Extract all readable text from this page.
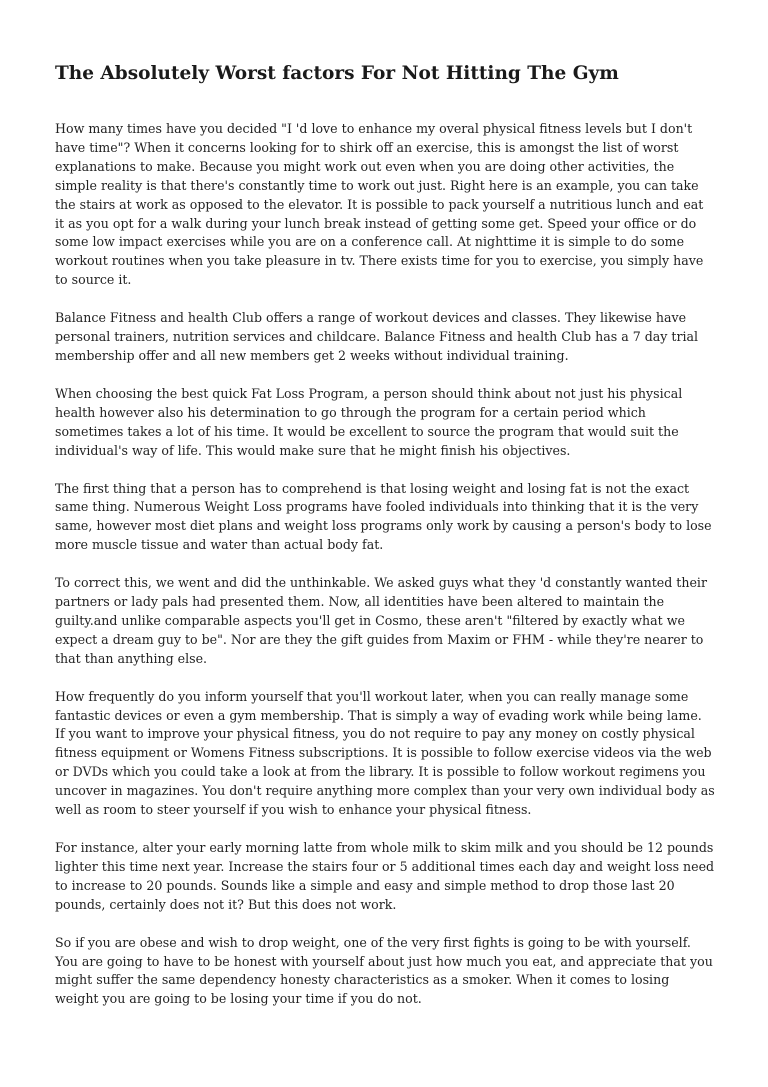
The Absolutely Worst factors For Not Hitting The Gym

How many times have you decided "I 'd love to enhance my overal physical fitness levels but I don't have time"? When it concerns looking for to shirk off an exercise, this is amongst the list of worst explanations to make. Because you might work out even when you are doing other activities, the simple reality is that there's constantly time to work out just. Right here is an example, you can take the stairs at work as opposed to the elevator. It is possible to pack yourself a nutritious lunch and eat it as you opt for a walk during your lunch break instead of getting some get. Speed your office or do some low impact exercises while you are on a conference call. At nighttime it is simple to do some workout routines when you take pleasure in tv. There exists time for you to exercise, you simply have to source it.

Balance Fitness and health Club offers a range of workout devices and classes. They likewise have personal trainers, nutrition services and childcare. Balance Fitness and health Club has a 7 day trial membership offer and all new members get 2 weeks without individual training.

When choosing the best quick Fat Loss Program, a person should think about not just his physical health however also his determination to go through the program for a certain period which sometimes takes a lot of his time. It would be excellent to source the program that would suit the individual's way of life. This would make sure that he might finish his objectives.

The first thing that a person has to comprehend is that losing weight and losing fat is not the exact same thing. Numerous Weight Loss programs have fooled individuals into thinking that it is the very same, however most diet plans and weight loss programs only work by causing a person's body to lose more muscle tissue and water than actual body fat.

To correct this, we went and did the unthinkable. We asked guys what they 'd constantly wanted their partners or lady pals had presented them. Now, all identities have been altered to maintain the guilty.and unlike comparable aspects you'll get in Cosmo, these aren't "filtered by exactly what we expect a dream guy to be". Nor are they the gift guides from Maxim or FHM - while they're nearer to that than anything else.

How frequently do you inform yourself that you'll workout later, when you can really manage some fantastic devices or even a gym membership. That is simply a way of evading work while being lame. If you want to improve your physical fitness, you do not require to pay any money on costly physical fitness equipment or Womens Fitness subscriptions. It is possible to follow exercise videos via the web or DVDs which you could take a look at from the library. It is possible to follow workout regimens you uncover in magazines. You don't require anything more complex than your very own individual body as well as room to steer yourself if you wish to enhance your physical fitness.

For instance, alter your early morning latte from whole milk to skim milk and you should be 12 pounds lighter this time next year. Increase the stairs four or 5 additional times each day and weight loss need to increase to 20 pounds. Sounds like a simple and easy and simple method to drop those last 20 pounds, certainly does not it? But this does not work.

So if you are obese and wish to drop weight, one of the very first fights is going to be with yourself. You are going to have to be honest with yourself about just how much you eat, and appreciate that you might suffer the same dependency honesty characteristics as a smoker. When it comes to losing weight you are going to be losing your time if you do not.
